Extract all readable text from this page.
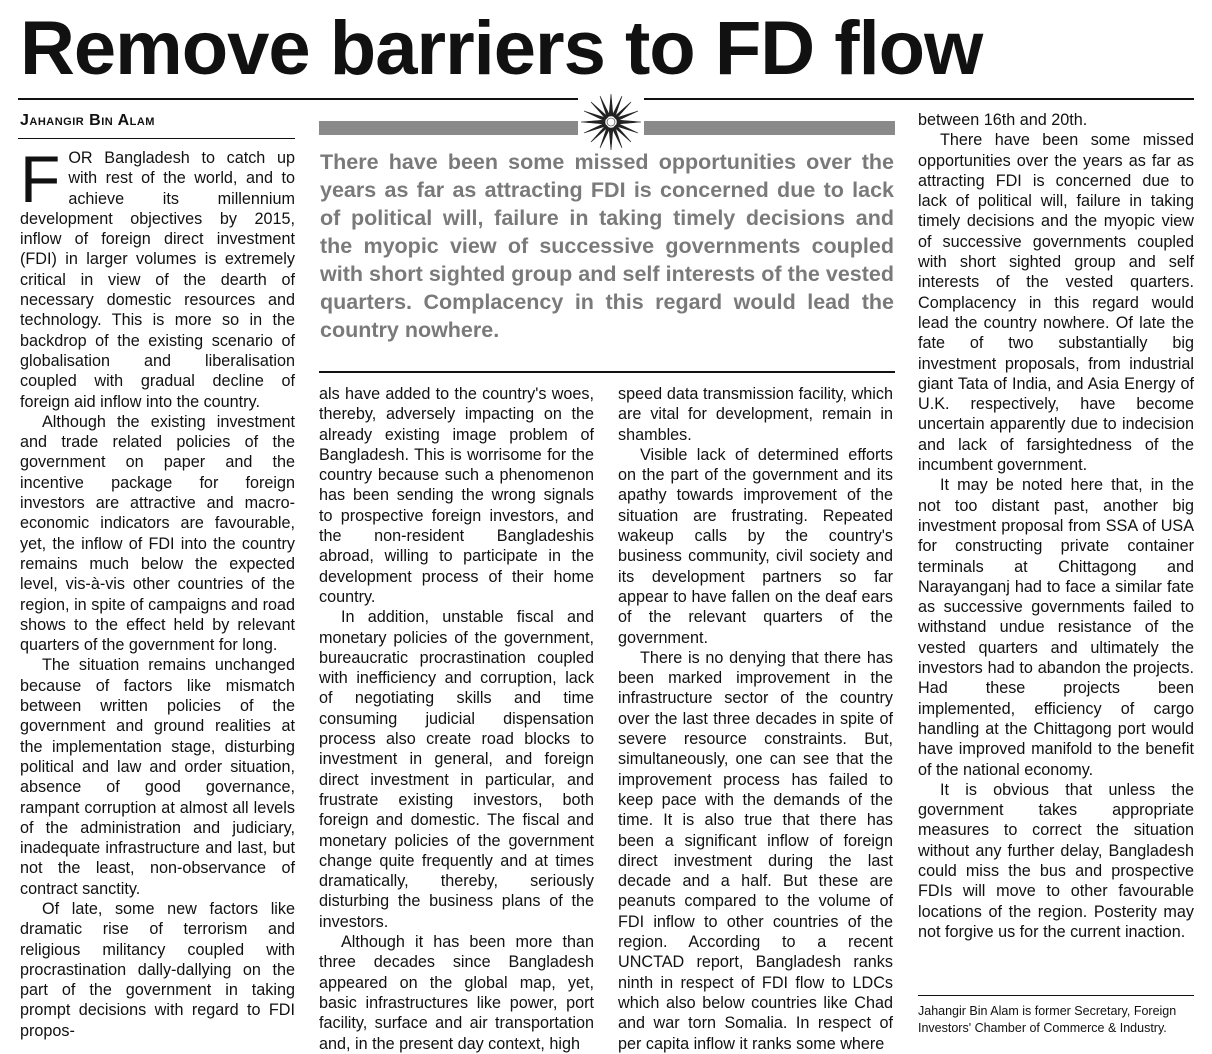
Remove barriers to FD flow
Jahangir Bin Alam

FOR Bangladesh to catch up with rest of the world, and to achieve its millennium development objectives by 2015, inflow of foreign direct investment (FDI) in larger volumes is extremely critical in view of the dearth of necessary domestic resources and technology. This is more so in the backdrop of the existing scenario of globalisation and liberalisation coupled with gradual decline of foreign aid inflow into the country.

Although the existing investment and trade related policies of the government on paper and the incentive package for foreign investors are attractive and macro-economic indicators are favourable, yet, the inflow of FDI into the country remains much below the expected level, vis-à-vis other countries of the region, in spite of campaigns and road shows to the effect held by relevant quarters of the government for long.

The situation remains unchanged because of factors like mismatch between written policies of the government and ground realities at the implementation stage, disturbing political and law and order situation, absence of good governance, rampant corruption at almost all levels of the administration and judiciary, inadequate infrastructure and last, but not the least, non-observance of contract sanctity.

Of late, some new factors like dramatic rise of terrorism and religious militancy coupled with procrastination dally-dallying on the part of the government in taking prompt decisions with regard to FDI propos-

There have been some missed opportunities over the years as far as attracting FDI is concerned due to lack of political will, failure in taking timely decisions and the myopic view of successive governments coupled with short sighted group and self interests of the vested quarters. Complacency in this regard would lead the country nowhere.

als have added to the country's woes, thereby, adversely impacting on the already existing image problem of Bangladesh. This is worrisome for the country because such a phenomenon has been sending the wrong signals to prospective foreign investors, and the non-resident Bangladeshis abroad, willing to participate in the development process of their home country.

In addition, unstable fiscal and monetary policies of the government, bureaucratic procrastination coupled with inefficiency and corruption, lack of negotiating skills and time consuming judicial dispensation process also create road blocks to investment in general, and foreign direct investment in particular, and frustrate existing investors, both foreign and domestic. The fiscal and monetary policies of the government change quite frequently and at times dramatically, thereby, seriously disturbing the business plans of the investors.

Although it has been more than three decades since Bangladesh appeared on the global map, yet, basic infrastructures like power, port facility, surface and air transportation and, in the present day context, high

speed data transmission facility, which are vital for development, remain in shambles.

Visible lack of determined efforts on the part of the government and its apathy towards improvement of the situation are frustrating. Repeated wakeup calls by the country's business community, civil society and its development partners so far appear to have fallen on the deaf ears of the relevant quarters of the government.

There is no denying that there has been marked improvement in the infrastructure sector of the country over the last three decades in spite of severe resource constraints. But, simultaneously, one can see that the improvement process has failed to keep pace with the demands of the time. It is also true that there has been a significant inflow of foreign direct investment during the last decade and a half. But these are peanuts compared to the volume of FDI inflow to other countries of the region. According to a recent UNCTAD report, Bangladesh ranks ninth in respect of FDI flow to LDCs which also below countries like Chad and war torn Somalia. In respect of per capita inflow it ranks some where

between 16th and 20th.

There have been some missed opportunities over the years as far as attracting FDI is concerned due to lack of political will, failure in taking timely decisions and the myopic view of successive governments coupled with short sighted group and self interests of the vested quarters. Complacency in this regard would lead the country nowhere. Of late the fate of two substantially big investment proposals, from industrial giant Tata of India, and Asia Energy of U.K. respectively, have become uncertain apparently due to indecision and lack of farsightedness of the incumbent government.

It may be noted here that, in the not too distant past, another big investment proposal from SSA of USA for constructing private container terminals at Chittagong and Narayanganj had to face a similar fate as successive governments failed to withstand undue resistance of the vested quarters and ultimately the investors had to abandon the projects. Had these projects been implemented, efficiency of cargo handling at the Chittagong port would have improved manifold to the benefit of the national economy.

It is obvious that unless the government takes appropriate measures to correct the situation without any further delay, Bangladesh could miss the bus and prospective FDIs will move to other favourable locations of the region. Posterity may not forgive us for the current inaction.

Jahangir Bin Alam is former Secretary, Foreign Investors' Chamber of Commerce & Industry.
